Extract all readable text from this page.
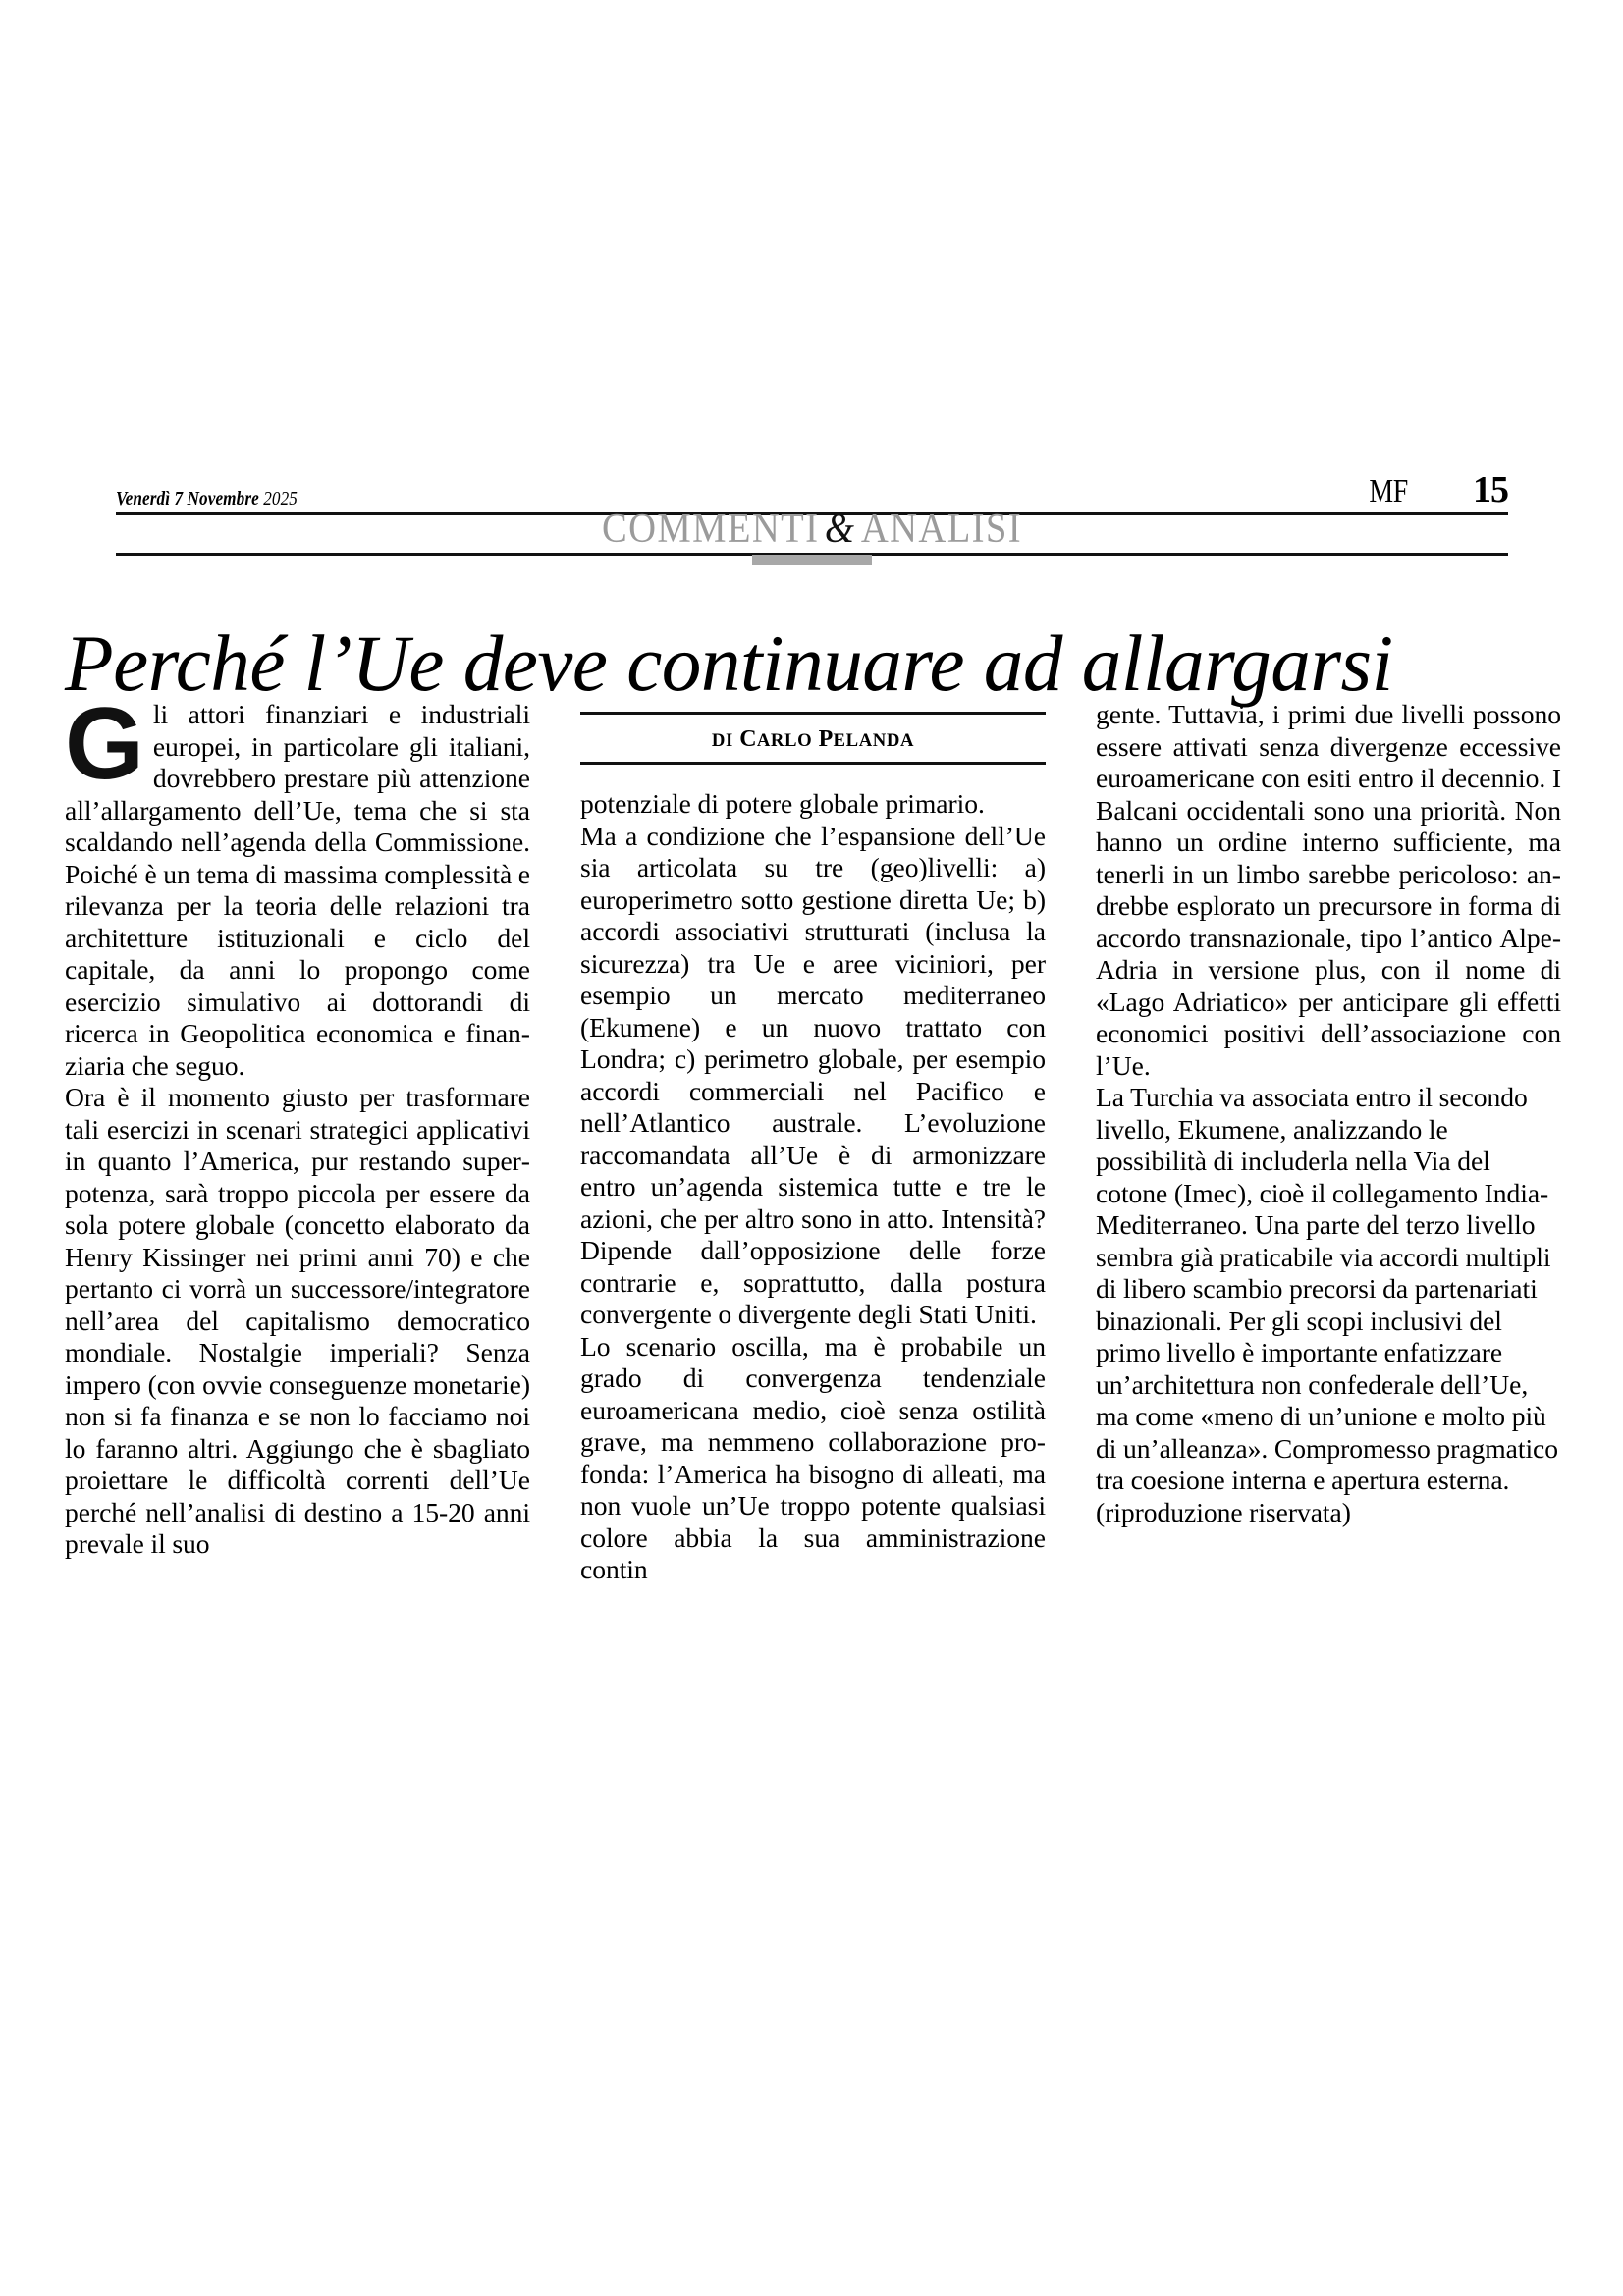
Venerdì 7 Novembre 2025	MF 15
COMMENTI & ANALISI
Perché l’Ue deve continuare ad allargarsi

Gli attori finanziari e industriali europei, in particolare gli italiani, dovrebbero prestare più attenzione all’allargamento dell’Ue, tema che si sta scaldando nell’agenda della Commissione. Poiché è un tema di massima complessità e rilevanza per la teoria delle relazioni tra architetture istituzionali e ciclo del capitale, da anni lo propongo come esercizio simulativo ai dottorandi di ricerca in Geopolitica economica e finanziaria che seguo.

Ora è il momento giusto per trasformare tali esercizi in scenari strategici applicativi in quanto l’America, pur restando superpotenza, sarà troppo piccola per essere da sola potere globale (concetto elaborato da Henry Kissinger nei primi anni 70) e che pertanto ci vorrà un successore/integratore nell’area del capitalismo democratico mondiale. Nostalgie imperiali? Senza impero (con ovvie conseguenze monetarie) non si fa finanza e se non lo facciamo noi lo faranno altri. Aggiungo che è sbagliato proiettare le difficoltà correnti dell’Ue perché nell’analisi di destino a 15-20 anni prevale il suo

DI CARLO PELANDA

potenziale di potere globale primario.

Ma a condizione che l’espansione dell’Ue sia articolata su tre (geo)livelli: a) europerimetro sotto gestione diretta Ue; b) accordi associativi strutturati (inclusa la sicurezza) tra Ue e aree viciniori, per esempio un mercato mediterraneo (Ekumene) e un nuovo trattato con Londra; c) perimetro globale, per esempio accordi commerciali nel Pacifico e nell’Atlantico australe. L’evoluzione raccomandata all’Ue è di armonizzare entro un’agenda sistemica tutte e tre le azioni, che per altro sono in atto. Intensità? Dipende dall’opposizione delle forze contrarie e, soprattutto, dalla postura convergente o divergente degli Stati Uniti.

Lo scenario oscilla, ma è probabile un grado di convergenza tendenziale euroamericana medio, cioè senza ostilità grave, ma nemmeno collaborazione profonda: l’America ha bisogno di alleati, ma non vuole un’Ue troppo potente qualsiasi colore abbia la sua amministrazione contin

gente. Tuttavia, i primi due livelli possono essere attivati senza divergenze eccessive euroamericane con esiti entro il decennio. I Balcani occidentali sono una priorità. Non hanno un ordine interno sufficiente, ma tenerli in un limbo sarebbe pericoloso: andrebbe esplorato un precursore in forma di accordo transnazionale, tipo l’antico Alpe-Adria in versione plus, con il nome di «Lago Adriatico» per anticipare gli effetti economici positivi dell’associazione con l’Ue.

La Turchia va associata entro il secondo livello, Ekumene, analizzando le possibilità di includerla nella Via del cotone (Imec), cioè il collegamento India-Mediterraneo. Una parte del terzo livello sembra già praticabile via accordi multipli di libero scambio precorsi da partenariati binazionali. Per gli scopi inclusivi del primo livello è importante enfatizzare un’architettura non confederale dell’Ue, ma come «meno di un’unione e molto più di un’alleanza». Compromesso pragmatico tra coesione interna e apertura esterna. (riproduzione riservata)
